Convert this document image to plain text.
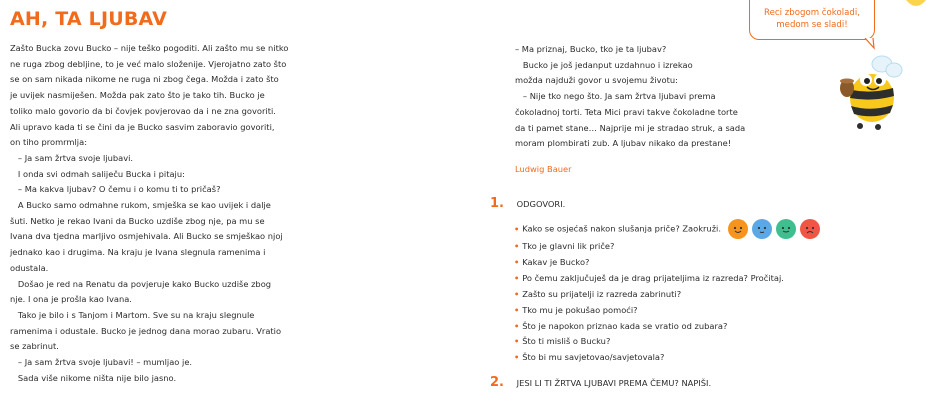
AH, TA LJUBAV

Zašto Bucka zovu Bucko – nije teško pogoditi. Ali zašto mu se nitko

ne ruga zbog debljine, to je već malo složenije. Vjerojatno zato što

se on sam nikada nikome ne ruga ni zbog čega. Možda i zato što

je uvijek nasmiješen. Možda pak zato što je tako tih. Bucko je

toliko malo govorio da bi čovjek povjerovao da i ne zna govoriti.

Ali upravo kada ti se čini da je Bucko sasvim zaboravio govoriti,

on tiho promrmlja:

– Ja sam žrtva svoje ljubavi.

I onda svi odmah saliječu Bucka i pitaju:

– Ma kakva ljubav? O čemu i o komu ti to pričaš?

A Bucko samo odmahne rukom, smješka se kao uvijek i dalje

šuti. Netko je rekao Ivani da Bucko uzdiše zbog nje, pa mu se

Ivana dva tjedna marljivo osmjehivala. Ali Bucko se smješkao njoj

jednako kao i drugima. Na kraju je Ivana slegnula ramenima i

odustala.

Došao je red na Renatu da povjeruje kako Bucko uzdiše zbog

nje. I ona je prošla kao Ivana.

Tako je bilo i s Tanjom i Martom. Sve su na kraju slegnule

ramenima i odustale. Bucko je jednog dana morao zubaru. Vratio

se zabrinut.

– Ja sam žrtva svoje ljubavi! – mumljao je.

Sada više nikome ništa nije bilo jasno.

– Ma priznaj, Bucko, tko je ta ljubav?

Bucko je još jedanput uzdahnuo i izrekao

možda najduži govor u svojemu životu:

– Nije tko nego što. Ja sam žrtva ljubavi prema

čokoladnoj torti. Teta Mici pravi takve čokoladne torte

da ti pamet stane… Najprije mi je stradao struk, a sada

moram plombirati zub. A ljubav nikako da prestane!

Ludwig Bauer

1. ODGOVORI.
• Kako se osjećaš nakon slušanja priče? Zaokruži.
• Tko je glavni lik priče?
• Kakav je Bucko?
• Po čemu zaključuješ da je drag prijateljima iz razreda? Pročitaj.
• Zašto su prijatelji iz razreda zabrinuti?
• Tko mu je pokušao pomoći?
• Što je napokon priznao kada se vratio od zubara?
• Što ti misliš o Bucku?
• Što bi mu savjetovao/savjetovala?
2. JESI LI TI ŽRTVA LJUBAVI PREMA ČEMU? NAPIŠI.
Reci zbogom čokoladi,
medom se sladi!
